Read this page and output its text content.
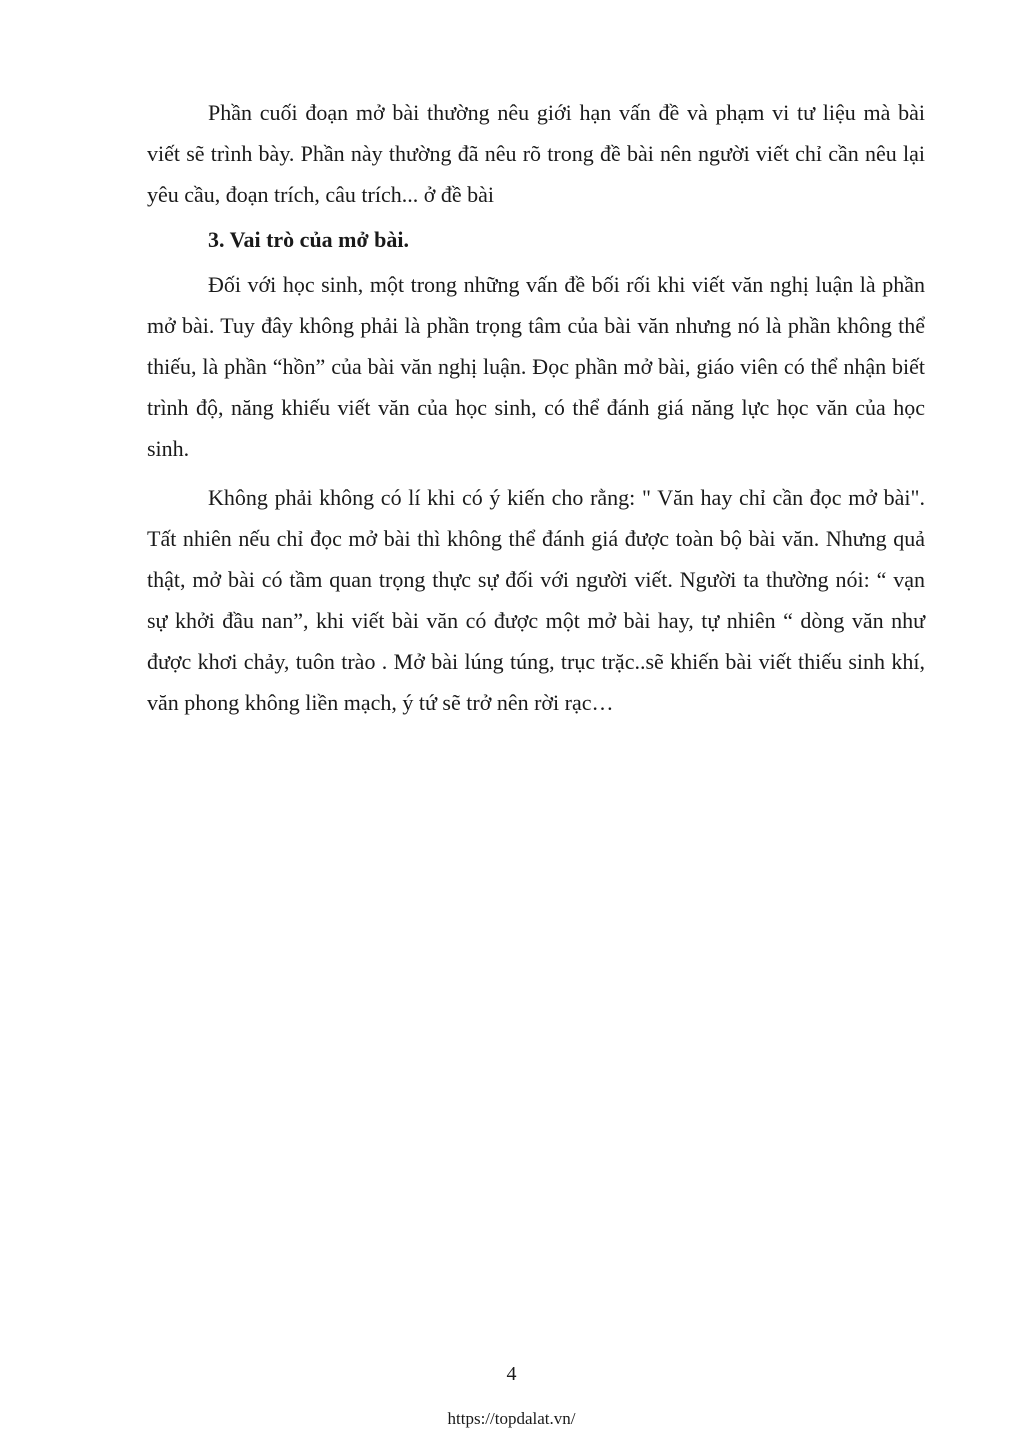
Phần cuối đoạn mở bài thường nêu giới hạn vấn đề và phạm vi tư liệu mà bài viết sẽ trình bày. Phần này thường đã nêu rõ trong đề bài nên người viết chỉ cần nêu lại yêu cầu, đoạn trích, câu trích... ở đề bài

3. Vai trò của mở bài.

Đối với học sinh, một trong những vấn đề bối rối khi viết văn nghị luận là phần mở bài. Tuy đây không phải là phần trọng tâm của bài văn nhưng nó là phần không thể thiếu, là phần “hồn” của bài văn nghị luận. Đọc phần mở bài, giáo viên có thể nhận biết trình độ, năng khiếu viết văn của học sinh, có thể đánh giá năng lực học văn của học sinh.

Không phải không có lí khi có ý kiến cho rằng: " Văn hay chỉ cần đọc mở bài". Tất nhiên nếu chỉ đọc mở bài thì không thể đánh giá được toàn bộ bài văn. Nhưng quả thật, mở bài có tầm quan trọng thực sự đối với người viết. Người ta thường nói: “ vạn sự khởi đầu nan”, khi viết bài văn có được một mở bài hay, tự nhiên “ dòng văn như được khơi chảy, tuôn trào . Mở bài lúng túng, trục trặc..sẽ khiến bài viết thiếu sinh khí, văn phong không liền mạch, ý tứ sẽ trở nên rời rạc…

4
https://topdalat.vn/
